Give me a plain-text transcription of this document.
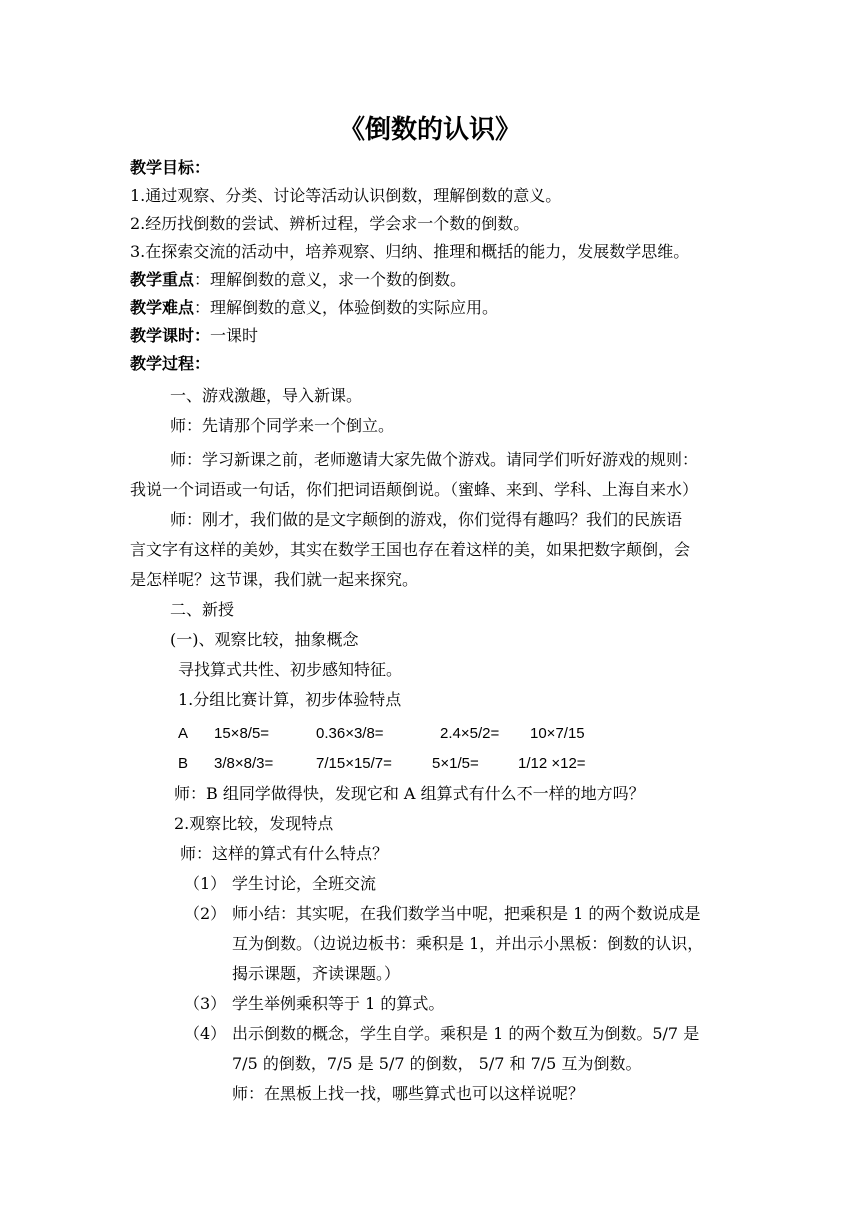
《倒数的认识》
教学目标：
1.通过观察、分类、讨论等活动认识倒数，理解倒数的意义。
2.经历找倒数的尝试、辨析过程，学会求一个数的倒数。
3.在探索交流的活动中，培养观察、归纳、推理和概括的能力，发展数学思维。
教学重点：理解倒数的意义，求一个数的倒数。
教学难点：理解倒数的意义，体验倒数的实际应用。
教学课时：一课时
教学过程：
一、游戏激趣，导入新课。
师：先请那个同学来一个倒立。
师：学习新课之前，老师邀请大家先做个游戏。请同学们听好游戏的规则：
我说一个词语或一句话，你们把词语颠倒说。（蜜蜂、来到、学科、上海自来水）
师：刚才，我们做的是文字颠倒的游戏，你们觉得有趣吗？我们的民族语
言文字有这样的美妙，其实在数学王国也存在着这样的美，如果把数字颠倒，会
是怎样呢？这节课，我们就一起来探究。
二、新授
(一)、观察比较，抽象概念
寻找算式共性、初步感知特征。
1.分组比赛计算，初步体验特点
A 15×8/5=	0.36×3/8=	2.4×5/2= 10×7/15
B 3/8×8/3=	7/15×15/7=	5×1/5=	1/12 ×12=
师：B 组同学做得快，发现它和 A 组算式有什么不一样的地方吗？
2.观察比较，发现特点
师：这样的算式有什么特点？
（1） 学生讨论，全班交流
（2） 师小结：其实呢，在我们数学当中呢，把乘积是 1 的两个数说成是
互为倒数。（边说边板书：乘积是 1，并出示小黑板：倒数的认识，
揭示课题，齐读课题。）
（3） 学生举例乘积等于 1 的算式。
（4） 出示倒数的概念，学生自学。乘积是 1 的两个数互为倒数。5/7 是
7/5 的倒数，7/5 是 5/7 的倒数， 5/7 和 7/5 互为倒数。
师：在黑板上找一找，哪些算式也可以这样说呢？
